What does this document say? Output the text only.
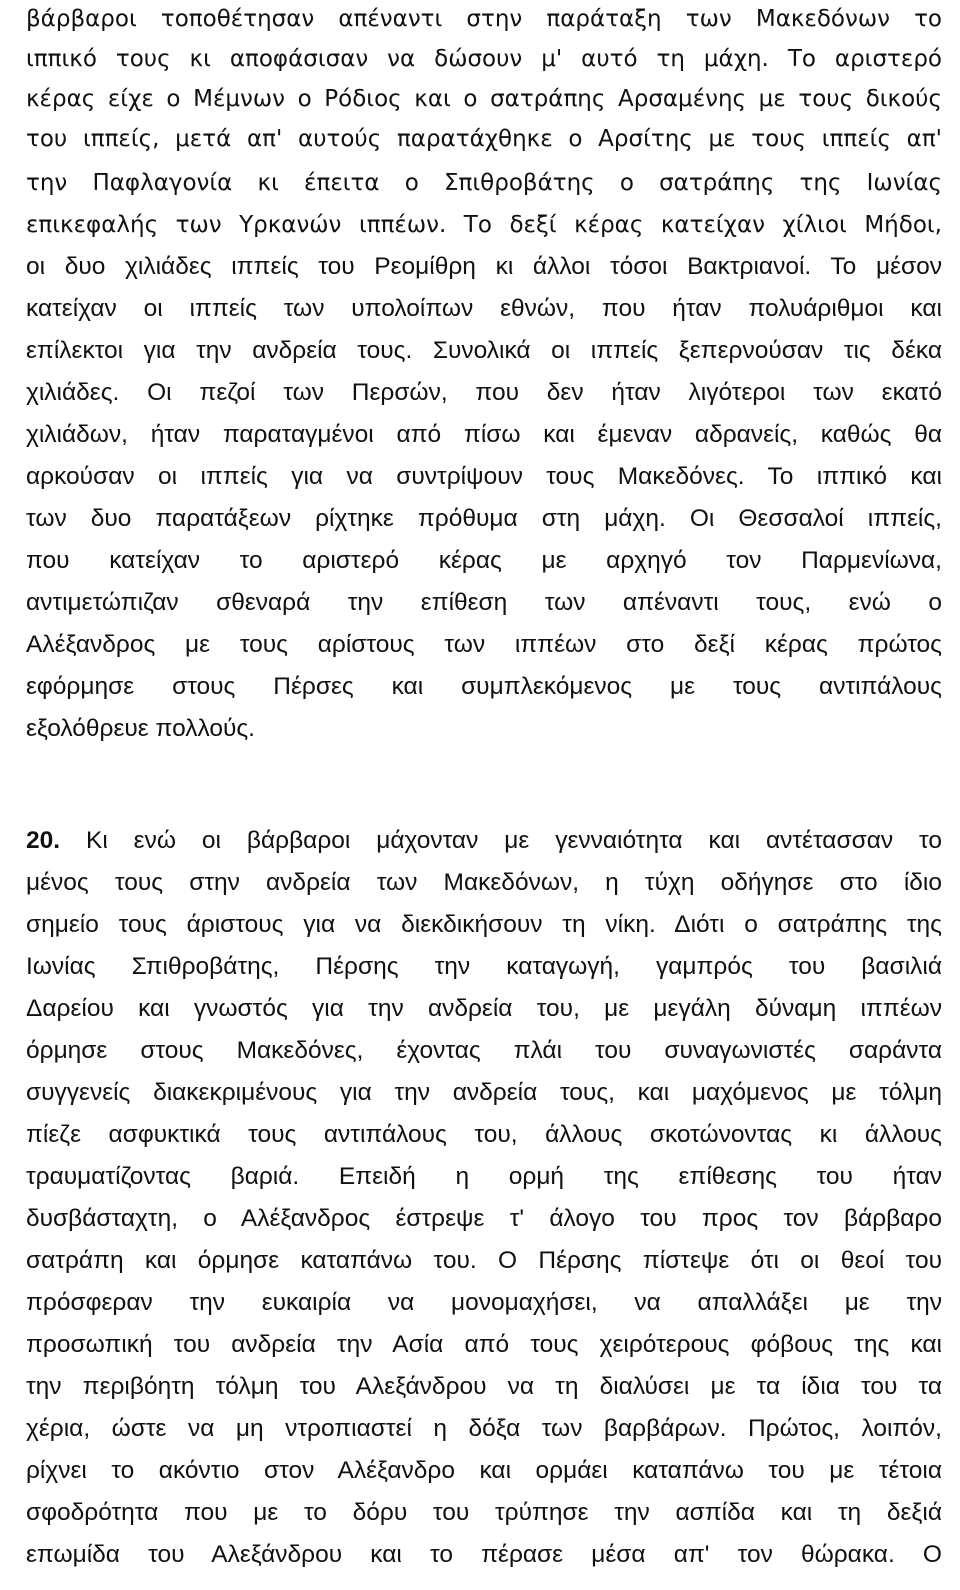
βάρβαροι τοποθέτησαν απέναντι στην παράταξη των Μακεδόνων το
ιππικό τους κι αποφάσισαν να δώσουν μ' αυτό τη μάχη. Το αριστερό
κέρας είχε ο Μέμνων ο Ρόδιος και ο σατράπης Αρσαμένης με τους δικούς
του ιππείς, μετά απ' αυτούς παρατάχθηκε ο Αρσίτης με τους ιππείς απ'
την Παφλαγονία κι έπειτα ο Σπιθροβάτης ο σατράπης της Ιωνίας
επικεφαλής των Υρκανών ιππέων. Το δεξί κέρας κατείχαν χίλιοι Μήδοι,
οι δυο χιλιάδες ιππείς του Ρεομίθρη κι άλλοι τόσοι Βακτριανοί. Το μέσον
κατείχαν οι ιππείς των υπολοίπων εθνών, που ήταν πολυάριθμοι και
επίλεκτοι για την ανδρεία τους. Συνολικά οι ιππείς ξεπερνούσαν τις δέκα
χιλιάδες. Οι πεζοί των Περσών, που δεν ήταν λιγότεροι των εκατό
χιλιάδων, ήταν παραταγμένοι από πίσω και έμεναν αδρανείς, καθώς θα
αρκούσαν οι ιππείς για να συντρίψουν τους Μακεδόνες. Το ιππικό και
των δυο παρατάξεων ρίχτηκε πρόθυμα στη μάχη. Οι Θεσσαλοί ιππείς,
που κατείχαν το αριστερό κέρας με αρχηγό τον Παρμενίωνα,
αντιμετώπιζαν σθεναρά την επίθεση των απέναντι τους, ενώ ο
Αλέξανδρος με τους αρίστους των ιππέων στο δεξί κέρας πρώτος
εφόρμησε στους Πέρσες και συμπλεκόμενος με τους αντιπάλους
εξολόθρευε πολλούς.
20. Κι ενώ οι βάρβαροι μάχονταν με γενναιότητα και αντέτασσαν το
μένος τους στην ανδρεία των Μακεδόνων, η τύχη οδήγησε στο ίδιο
σημείο τους άριστους για να διεκδικήσουν τη νίκη. Διότι ο σατράπης της
Ιωνίας Σπιθροβάτης, Πέρσης την καταγωγή, γαμπρός του βασιλιά
Δαρείου και γνωστός για την ανδρεία του, με μεγάλη δύναμη ιππέων
όρμησε στους Μακεδόνες, έχοντας πλάι του συναγωνιστές σαράντα
συγγενείς διακεκριμένους για την ανδρεία τους, και μαχόμενος με τόλμη
πίεζε ασφυκτικά τους αντιπάλους του, άλλους σκοτώνοντας κι άλλους
τραυματίζοντας βαριά. Επειδή η ορμή της επίθεσης του ήταν
δυσβάσταχτη, ο Αλέξανδρος έστρεψε τ' άλογο του προς τον βάρβαρο
σατράπη και όρμησε καταπάνω του. Ο Πέρσης πίστεψε ότι οι θεοί του
πρόσφεραν την ευκαιρία να μονομαχήσει, να απαλλάξει με την
προσωπική του ανδρεία την Ασία από τους χειρότερους φόβους της και
την περιβόητη τόλμη του Αλεξάνδρου να τη διαλύσει με τα ίδια του τα
χέρια, ώστε να μη ντροπιαστεί η δόξα των βαρβάρων. Πρώτος, λοιπόν,
ρίχνει το ακόντιο στον Αλέξανδρο και ορμάει καταπάνω του με τέτοια
σφοδρότητα που με το δόρυ του τρύπησε την ασπίδα και τη δεξιά
επωμίδα του Αλεξάνδρου και το πέρασε μέσα απ' τον θώρακα. Ο
